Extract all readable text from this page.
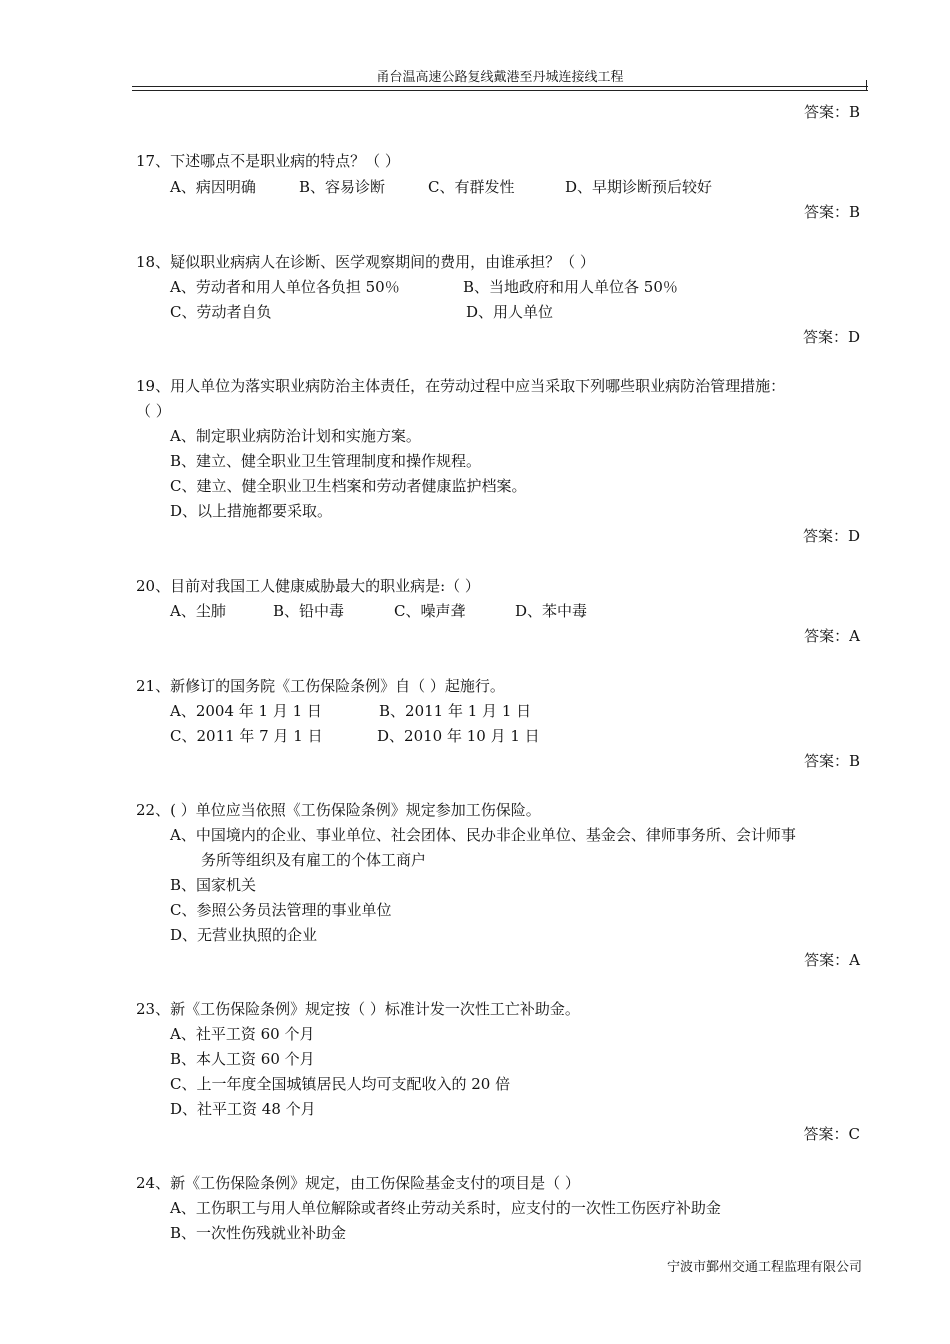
甬台温高速公路复线戴港至丹城连接线工程
答案：B
17、下述哪点不是职业病的特点？（ ）
A、病因明确	B、容易诊断	C、有群发性	D、早期诊断预后较好
答案：B
18、疑似职业病病人在诊断、医学观察期间的费用，由谁承担？（ ）
A、劳动者和用人单位各负担 50％	B、当地政府和用人单位各 50％
C、劳动者自负	D、用人单位
答案：D
19、用人单位为落实职业病防治主体责任，在劳动过程中应当采取下列哪些职业病防治管理措施：
（ ）
A、制定职业病防治计划和实施方案。
B、建立、健全职业卫生管理制度和操作规程。
C、建立、健全职业卫生档案和劳动者健康监护档案。
D、以上措施都要采取。
答案：D
20、目前对我国工人健康威胁最大的职业病是:（ ）
A、尘肺	B、铅中毒	C、噪声聋	D、苯中毒
答案：A
21、新修订的国务院《工伤保险条例》自（ ）起施行。
A、2004 年 1 月 1 日	B、2011 年 1 月 1 日
C、2011 年 7 月 1 日	D、2010 年 10 月 1 日
答案：B
22、( ）单位应当依照《工伤保险条例》规定参加工伤保险。
A、中国境内的企业、事业单位、社会团体、民办非企业单位、基金会、律师事务所、会计师事
务所等组织及有雇工的个体工商户
B、国家机关
C、参照公务员法管理的事业单位
D、无营业执照的企业
答案：A
23、新《工伤保险条例》规定按（ ）标准计发一次性工亡补助金。
A、社平工资 60 个月
B、本人工资 60 个月
C、上一年度全国城镇居民人均可支配收入的 20 倍
D、社平工资 48 个月
答案：C
24、新《工伤保险条例》规定，由工伤保险基金支付的项目是（ ）
A、工伤职工与用人单位解除或者终止劳动关系时，应支付的一次性工伤医疗补助金
B、一次性伤残就业补助金
宁波市鄞州交通工程监理有限公司
